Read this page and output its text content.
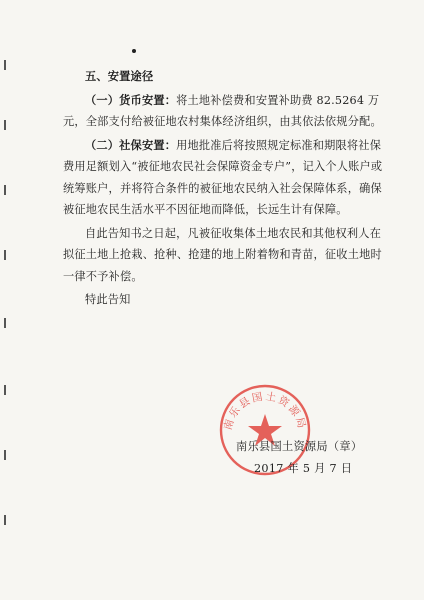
五、安置途径

（一）货币安置：将土地补偿费和安置补助费 82.5264 万元，全部支付给被征地农村集体经济组织，由其依法依规分配。

（二）社保安置：用地批准后将按照规定标准和期限将社保费用足额划入“被征地农民社会保障资金专户”，记入个人账户或统筹账户，并将符合条件的被征地农民纳入社会保障体系，确保被征地农民生活水平不因征地而降低，长远生计有保障。

自此告知书之日起，凡被征收集体土地农民和其他权利人在拟征土地上抢栽、抢种、抢建的地上附着物和青苗，征收土地时一律不予补偿。

特此告知

南乐县国土资源局
南乐县国土资源局（章）
2017 年 5 月 7 日
